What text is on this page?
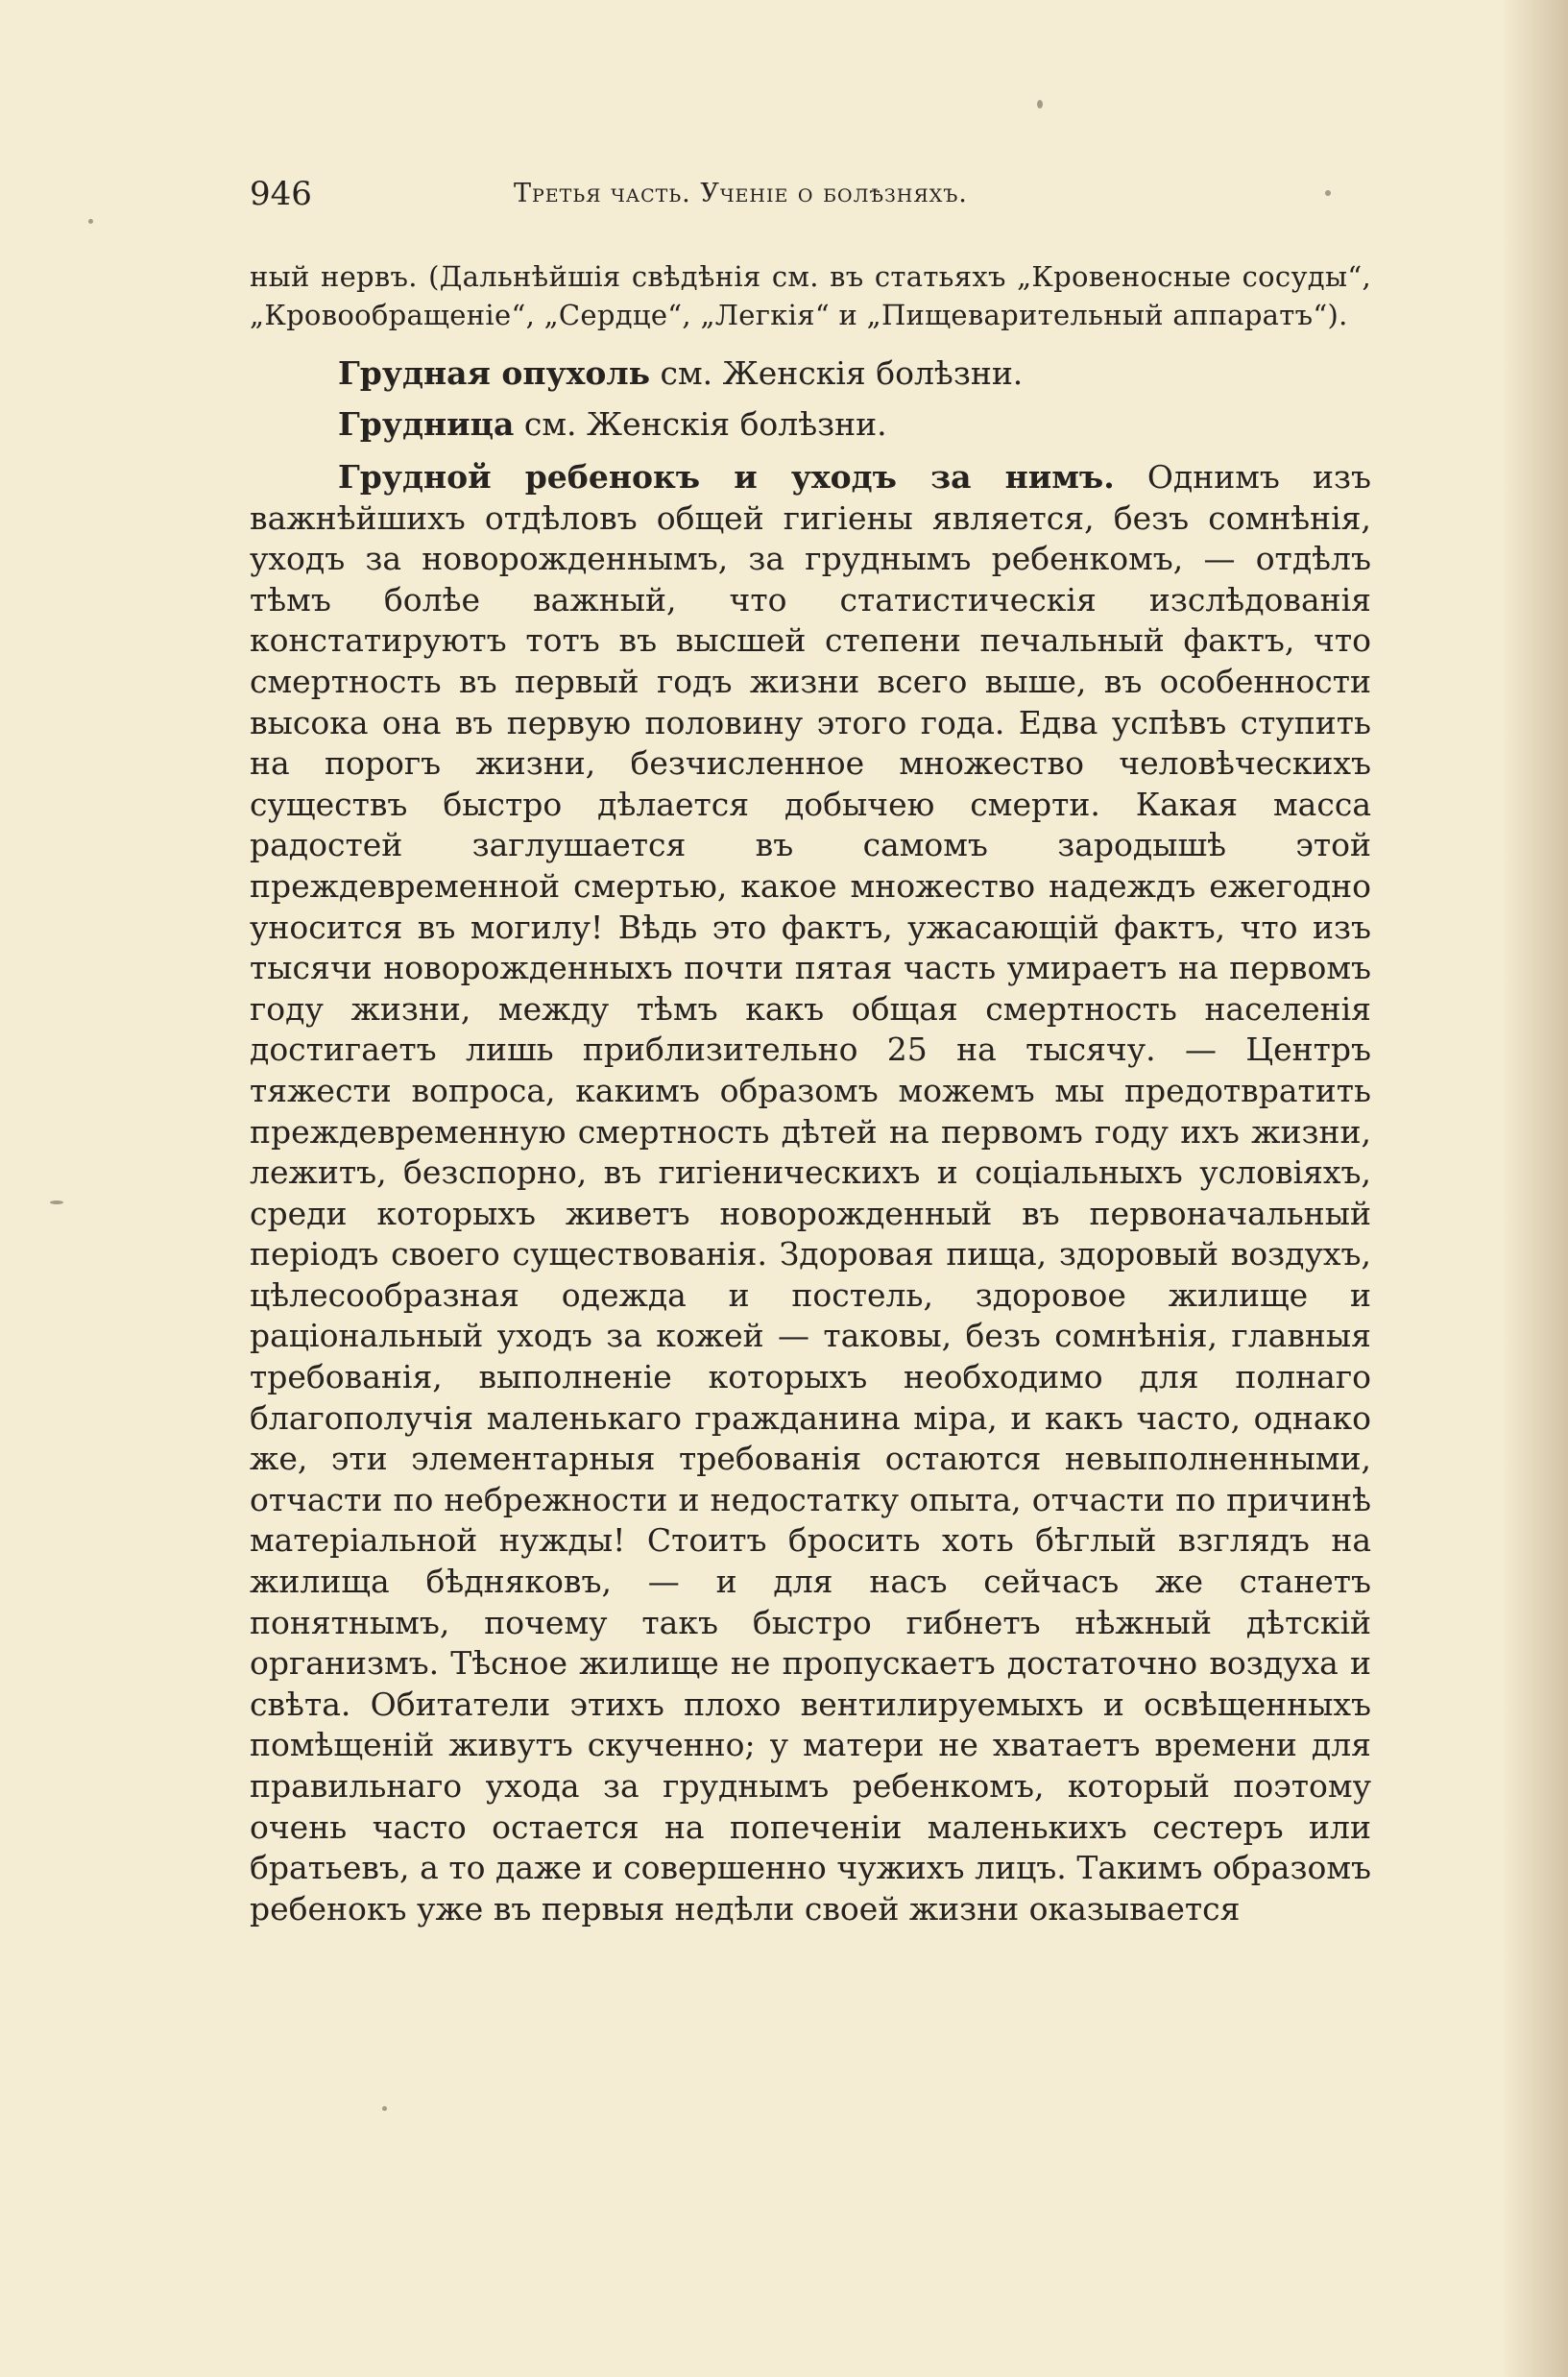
946	Третья часть. Ученіе о болѣзняхъ.

ный нервъ. (Дальнѣйшія свѣдѣнія см. въ статьяхъ „Кровеносные сосуды“, „Кровообращеніе“, „Сердце“, „Легкія“ и „Пищеварительный аппаратъ“).

Грудная опухоль см. Женскія болѣзни.

Грудница см. Женскія болѣзни.

Грудной ребенокъ и уходъ за нимъ. Однимъ изъ важнѣйшихъ отдѣловъ общей гигіены является, безъ сомнѣнія, уходъ за новорожденнымъ, за груднымъ ребенкомъ, — отдѣлъ тѣмъ болѣе важный, что статистическія изслѣдованія констатируютъ тотъ въ высшей степени печальный фактъ, что смертность въ первый годъ жизни всего выше, въ особенности высока она въ первую половину этого года. Едва успѣвъ ступить на порогъ жизни, безчисленное множество человѣческихъ существъ быстро дѣлается добычею смерти. Какая масса радостей заглушается въ самомъ зародышѣ этой преждевременной смертью, какое множество надеждъ ежегодно уносится въ могилу! Вѣдь это фактъ, ужасающій фактъ, что изъ тысячи новорожденныхъ почти пятая часть умираетъ на первомъ году жизни, между тѣмъ какъ общая смертность населенія достигаетъ лишь приблизительно 25 на тысячу. — Центръ тяжести вопроса, какимъ образомъ можемъ мы предотвратить преждевременную смертность дѣтей на первомъ году ихъ жизни, лежитъ, безспорно, въ гигіеническихъ и соціальныхъ условіяхъ, среди которыхъ живетъ новорожденный въ первоначальный періодъ своего существованія. Здоровая пища, здоровый воздухъ, цѣлесообразная одежда и постель, здоровое жилище и раціональный уходъ за кожей — таковы, безъ сомнѣнія, главныя требованія, выполненіе которыхъ необходимо для полнаго благополучія маленькаго гражданина міра, и какъ часто, однако же, эти элементарныя требованія остаются невыполненными, отчасти по небрежности и недостатку опыта, отчасти по причинѣ матеріальной нужды! Стоитъ бросить хоть бѣглый взглядъ на жилища бѣдняковъ, — и для насъ сейчасъ же станетъ понятнымъ, почему такъ быстро гибнетъ нѣжный дѣтскій организмъ. Тѣсное жилище не пропускаетъ достаточно воздуха и свѣта. Обитатели этихъ плохо вентилируемыхъ и освѣщенныхъ помѣщеній живутъ скученно; у матери не хватаетъ времени для правильнаго ухода за груднымъ ребенкомъ, который поэтому очень часто остается на попеченіи маленькихъ сестеръ или братьевъ, а то даже и совершенно чужихъ лицъ. Такимъ образомъ ребенокъ уже въ первыя недѣли своей жизни оказывается
